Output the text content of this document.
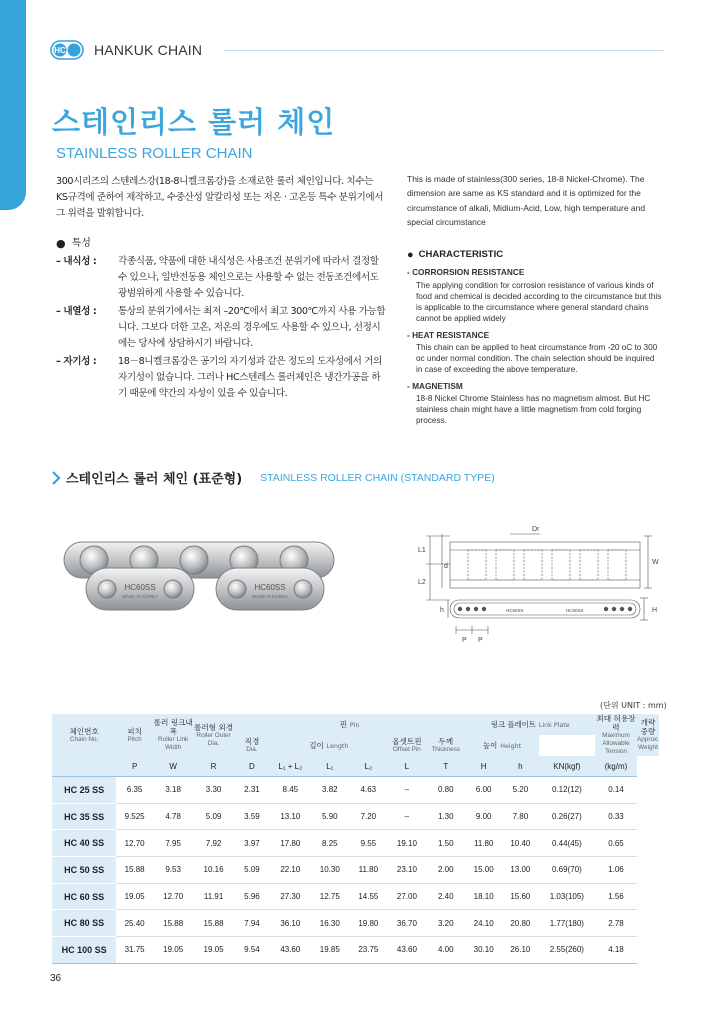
HC HANKUK CHAIN
스테인리스 롤러 체인
STAINLESS ROLLER CHAIN

300시리즈의 스텐레스강(18-8니켈크롬강)을 소재로한 롤러 체인입니다. 치수는 KS규격에 준하여 제작하고, 수중산성 알칼리성 또는 저온 · 고온등 특수 분위기에서 그 위력을 발휘합니다.

● 특성
– 내식성 :	각종식품, 약품에 대한 내식성은 사용조건 분위기에 따라서 결정할 수 있으나, 일반전동용 체인으로는 사용할 수 없는 전동조건에서도 광범위하게 사용할 수 있습니다.
– 내열성 :	통상의 분위기에서는 최저 –20℃에서 최고 300℃까지 사용 가능합니다. 그보다 더한 고온, 저온의 경우에도 사용할 수 있으나, 선정시에는 당사에 상담하시기 바랍니다.
– 자기성 :	18－8니켈크롬강은 공기의 자기성과 같은 정도의 도자성에서 거의 자기성이 없습니다. 그러나 HC스텐레스 롤러체인은 냉간가공을 하기 때문에 약간의 자성이 있을 수 있습니다.

This is made of stainless(300 series, 18-8 Nickel-Chrome). The dimension are same as KS standard and it is optimized for the circumstance of alkali, Midium-Acid, Low, high temperature and special circumstance

● CHARACTERISTIC
- CORRORSION RESISTANCE
The applying condition for corrosion resistance of various kinds of food and chemical is decided according to the circumstance but this is applicable to the circumstance where general standard chains cannot be applied widely
- HEAT RESISTANCE
This chain can be applied to heat circumstance from -20 oC to 300 oc under normal condition. The chain selection should be inquired in case of exceeding the above temperature.
- MAGNETISM
18-8 Nickel Chrome Stainless has no magnetism almost. But HC stainless chain might have a little magnetism from cold forging process.
스테인리스 롤러 체인 (표준형) STAINLESS ROLLER CHAIN (STANDARD TYPE)
HC60SS
MADE IN KOREA
HC60SS
MADE IN KOREA
Dr
d
L1
L2
W
H
h
P P
HC60SS	HC60SS
(단위 UNIT : mm)
체인번호
Chain No.	피치
Pitch	롤러 링크내폭
Roller Link Width	롤러형 외경
Roller Outer Dia.	핀 Pin						링크 플레이트 Link Plate			최대 허용장력
Maximum Allowable Tension	개략 중량
Approx. Weight

				직경
Dia.	길이 Length			옵셋트핀
Offset Pin	두께
Thickness	높이 Height				
	P	W	R	D	L₁ + L₂	L₁	L₂	L	T	H	h	KN(kgf)	(kg/m)	
HC 25 SS	6.35	3.18	3.30	2.31	8.45	3.82	4.63	–	0.80	6.00	5.20	0.12(12)	0.14	
HC 35 SS	9.525	4.78	5.09	3.59	13.10	5.90	7.20	–	1.30	9.00	7.80	0.26(27)	0.33	
HC 40 SS	12.70	7.95	7.92	3.97	17.80	8.25	9.55	19.10	1.50	11.80	10.40	0.44(45)	0.65	
HC 50 SS	15.88	9.53	10.16	5.09	22.10	10.30	11.80	23.10	2.00	15.00	13.00	0.69(70)	1.06	
HC 60 SS	19.05	12.70	11.91	5.96	27.30	12.75	14.55	27.00	2.40	18.10	15.60	1.03(105)	1.56	
HC 80 SS	25.40	15.88	15.88	7.94	36.10	16.30	19.80	36.70	3.20	24.10	20.80	1.77(180)	2.78	
HC 100 SS	31.75	19.05	19.05	9.54	43.60	19.85	23.75	43.60	4.00	30.10	26.10	2.55(260)	4.18	
36
